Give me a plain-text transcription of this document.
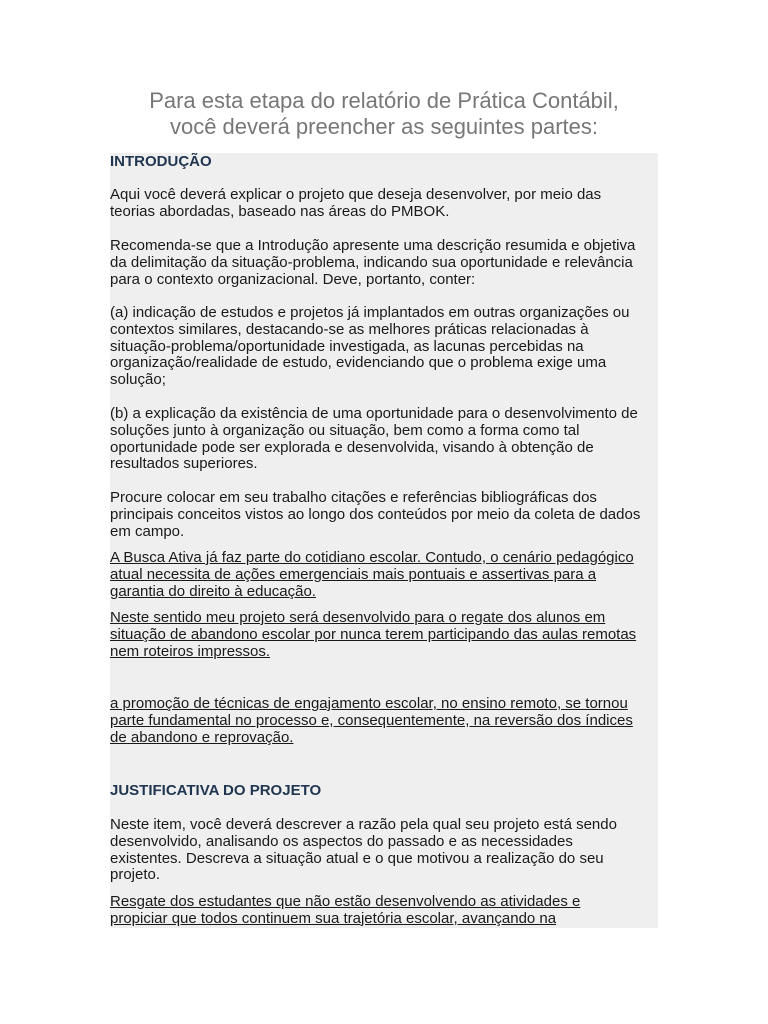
Para esta etapa do relatório de Prática Contábil,
você deverá preencher as seguintes partes:
INTRODUÇÃO
Aqui você deverá explicar o projeto que deseja desenvolver, por meio das
teorias abordadas, baseado nas áreas do PMBOK.
Recomenda-se que a Introdução apresente uma descrição resumida e objetiva
da delimitação da situação-problema, indicando sua oportunidade e relevância
para o contexto organizacional. Deve, portanto, conter:
(a) indicação de estudos e projetos já implantados em outras organizações ou
contextos similares, destacando-se as melhores práticas relacionadas à
situação-problema/oportunidade investigada, as lacunas percebidas na
organização/realidade de estudo, evidenciando que o problema exige uma
solução;
(b) a explicação da existência de uma oportunidade para o desenvolvimento de
soluções junto à organização ou situação, bem como a forma como tal
oportunidade pode ser explorada e desenvolvida, visando à obtenção de
resultados superiores.
Procure colocar em seu trabalho citações e referências bibliográficas dos
principais conceitos vistos ao longo dos conteúdos por meio da coleta de dados
em campo.
A Busca Ativa já faz parte do cotidiano escolar. Contudo, o cenário pedagógico
atual necessita de ações emergenciais mais pontuais e assertivas para a
garantia do direito à educação.
Neste sentido meu projeto será desenvolvido para o regate dos alunos em
situação de abandono escolar por nunca terem participando das aulas remotas
nem roteiros impressos.
a promoção de técnicas de engajamento escolar, no ensino remoto, se tornou
parte fundamental no processo e, consequentemente, na reversão dos índices
de abandono e reprovação.
JUSTIFICATIVA DO PROJETO
Neste item, você deverá descrever a razão pela qual seu projeto está sendo
desenvolvido, analisando os aspectos do passado e as necessidades
existentes. Descreva a situação atual e o que motivou a realização do seu
projeto.
Resgate dos estudantes que não estão desenvolvendo as atividades e
propiciar que todos continuem sua trajetória escolar, avançando na
